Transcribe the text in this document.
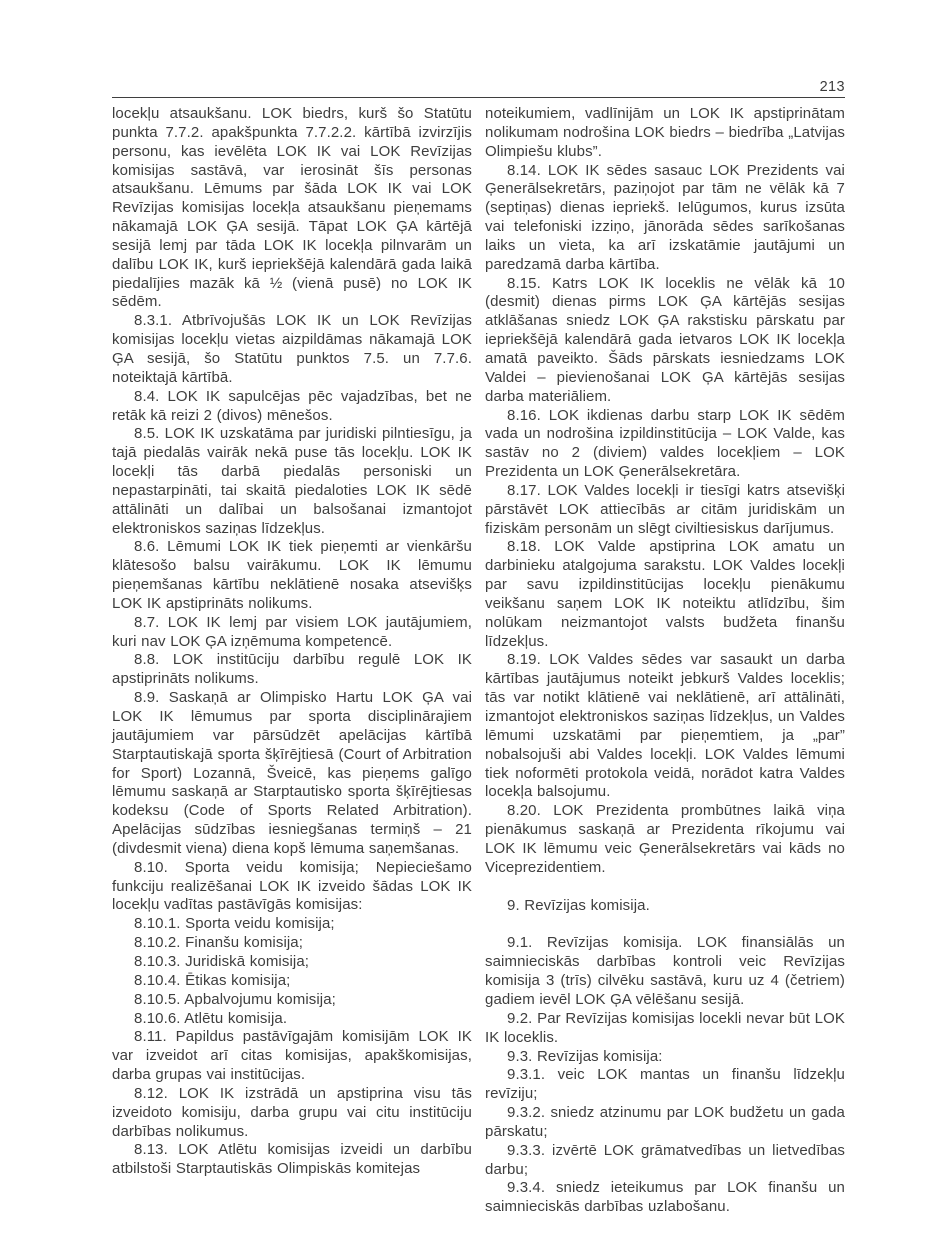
213

locekļu atsaukšanu. LOK biedrs, kurš šo Statūtu punkta 7.7.2. apakšpunkta 7.7.2.2. kārtībā izvirzījis personu, kas ievēlēta LOK IK vai LOK Revīzijas komisijas sastāvā, var ierosināt šīs personas atsaukšanu. Lēmums par šāda LOK IK vai LOK Revīzijas komisijas locekļa atsaukšanu pieņemams nākamajā LOK ĢA sesijā. Tāpat LOK ĢA kārtējā sesijā lemj par tāda LOK IK locekļa pilnvarām un dalību LOK IK, kurš iepriekšējā kalendārā gada laikā piedalījies mazāk kā ½ (vienā pusē) no LOK IK sēdēm.

8.3.1. Atbrīvojušās LOK IK un LOK Revīzijas komisijas locekļu vietas aizpildāmas nākamajā LOK ĢA sesijā, šo Statūtu punktos 7.5. un 7.7.6. noteiktajā kārtībā.

8.4. LOK IK sapulcējas pēc vajadzības, bet ne retāk kā reizi 2 (divos) mēnešos.

8.5. LOK IK uzskatāma par juridiski pilntiesīgu, ja tajā piedalās vairāk nekā puse tās locekļu. LOK IK locekļi tās darbā piedalās personiski un nepastarpināti, tai skaitā piedaloties LOK IK sēdē attālināti un dalībai un balsošanai izmantojot elektroniskos saziņas līdzekļus.

8.6. Lēmumi LOK IK tiek pieņemti ar vienkāršu klātesošo balsu vairākumu. LOK IK lēmumu pieņemšanas kārtību neklātienē nosaka atsevišķs LOK IK apstiprināts nolikums.

8.7. LOK IK lemj par visiem LOK jautājumiem, kuri nav LOK ĢA izņēmuma kompetencē.

8.8. LOK institūciju darbību regulē LOK IK apstiprināts nolikums.

8.9. Saskaņā ar Olimpisko Hartu LOK ĢA vai LOK IK lēmumus par sporta disciplinārajiem jautājumiem var pārsūdzēt apelācijas kārtībā Starptautiskajā sporta šķīrējtiesā (Court of Arbitration for Sport) Lozannā, Šveicē, kas pieņems galīgo lēmumu saskaņā ar Starptautisko sporta šķīrējtiesas kodeksu (Code of Sports Related Arbitration). Apelācijas sūdzības iesniegšanas termiņš – 21 (divdesmit viena) diena kopš lēmuma saņemšanas.

8.10. Sporta veidu komisija; Nepieciešamo funkciju realizēšanai LOK IK izveido šādas LOK IK locekļu vadītas pastāvīgās komisijas:

8.10.1. Sporta veidu komisija;

8.10.2. Finanšu komisija;

8.10.3. Juridiskā komisija;

8.10.4. Ētikas komisija;

8.10.5. Apbalvojumu komisija;

8.10.6. Atlētu komisija.

8.11. Papildus pastāvīgajām komisijām LOK IK var izveidot arī citas komisijas, apakškomisijas, darba grupas vai institūcijas.

8.12. LOK IK izstrādā un apstiprina visu tās izveidoto komisiju, darba grupu vai citu institūciju darbības nolikumus.

8.13. LOK Atlētu komisijas izveidi un darbību atbilstoši Starptautiskās Olimpiskās komitejas

noteikumiem, vadlīnijām un LOK IK apstiprinātam nolikumam nodrošina LOK biedrs – biedrība „Latvijas Olimpiešu klubs”.

8.14. LOK IK sēdes sasauc LOK Prezidents vai Ģenerālsekretārs, paziņojot par tām ne vēlāk kā 7 (septiņas) dienas iepriekš. Ielūgumos, kurus izsūta vai telefoniski izziņo, jānorāda sēdes sarīkošanas laiks un vieta, ka arī izskatāmie jautājumi un paredzamā darba kārtība.

8.15. Katrs LOK IK loceklis ne vēlāk kā 10 (desmit) dienas pirms LOK ĢA kārtējās sesijas atklāšanas sniedz LOK ĢA rakstisku pārskatu par iepriekšējā kalendārā gada ietvaros LOK IK locekļa amatā paveikto. Šāds pārskats iesniedzams LOK Valdei – pievienošanai LOK ĢA kārtējās sesijas darba materiāliem.

8.16. LOK ikdienas darbu starp LOK IK sēdēm vada un nodrošina izpildinstitūcija – LOK Valde, kas sastāv no 2 (diviem) valdes locekļiem – LOK Prezidenta un LOK Ģenerālsekretāra.

8.17. LOK Valdes locekļi ir tiesīgi katrs atsevišķi pārstāvēt LOK attiecībās ar citām juridiskām un fiziskām personām un slēgt civiltiesiskus darījumus.

8.18. LOK Valde apstiprina LOK amatu un darbinieku atalgojuma sarakstu. LOK Valdes locekļi par savu izpildinstitūcijas locekļu pienākumu veikšanu saņem LOK IK noteiktu atlīdzību, šim nolūkam neizmantojot valsts budžeta finanšu līdzekļus.

8.19. LOK Valdes sēdes var sasaukt un darba kārtības jautājumus noteikt jebkurš Valdes loceklis; tās var notikt klātienē vai neklātienē, arī attālināti, izmantojot elektroniskos saziņas līdzekļus, un Valdes lēmumi uzskatāmi par pieņemtiem, ja „par” nobalsojuši abi Valdes locekļi. LOK Valdes lēmumi tiek noformēti protokola veidā, norādot katra Valdes locekļa balsojumu.

8.20. LOK Prezidenta prombūtnes laikā viņa pienākumus saskaņā ar Prezidenta rīkojumu vai LOK IK lēmumu veic Ģenerālsekretārs vai kāds no Viceprezidentiem.

9. Revīzijas komisija.

9.1. Revīzijas komisija. LOK finansiālās un saimnieciskās darbības kontroli veic Revīzijas komisija 3 (trīs) cilvēku sastāvā, kuru uz 4 (četriem) gadiem ievēl LOK ĢA vēlēšanu sesijā.

9.2. Par Revīzijas komisijas locekli nevar būt LOK IK loceklis.

9.3. Revīzijas komisija:

9.3.1. veic LOK mantas un finanšu līdzekļu revīziju;

9.3.2. sniedz atzinumu par LOK budžetu un gada pārskatu;

9.3.3. izvērtē LOK grāmatvedības un lietvedības darbu;

9.3.4. sniedz ieteikumus par LOK finanšu un saimnieciskās darbības uzlabošanu.
